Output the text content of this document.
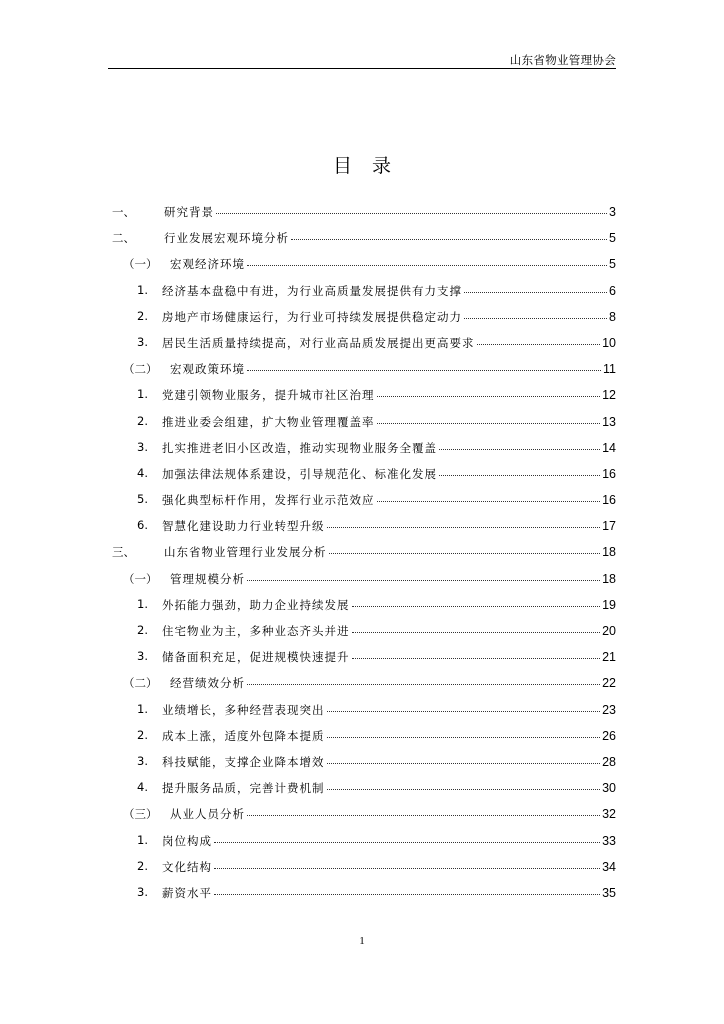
山东省物业管理协会
目录
一、	研究背景	3
二、	行业发展宏观环境分析	5
（一） 宏观经济环境	5
1. 经济基本盘稳中有进，为行业高质量发展提供有力支撑	6
2. 房地产市场健康运行，为行业可持续发展提供稳定动力	8
3. 居民生活质量持续提高，对行业高品质发展提出更高要求	10
（二） 宏观政策环境	11
1. 党建引领物业服务，提升城市社区治理	12
2. 推进业委会组建，扩大物业管理覆盖率	13
3. 扎实推进老旧小区改造，推动实现物业服务全覆盖	14
4. 加强法律法规体系建设，引导规范化、标准化发展	16
5. 强化典型标杆作用，发挥行业示范效应	16
6. 智慧化建设助力行业转型升级	17
三、	山东省物业管理行业发展分析	18
（一） 管理规模分析	18
1. 外拓能力强劲，助力企业持续发展	19
2. 住宅物业为主，多种业态齐头并进	20
3. 储备面积充足，促进规模快速提升	21
（二） 经营绩效分析	22
1. 业绩增长，多种经营表现突出	23
2. 成本上涨，适度外包降本提质	26
3. 科技赋能，支撑企业降本增效	28
4. 提升服务品质，完善计费机制	30
（三） 从业人员分析	32
1. 岗位构成	33
2. 文化结构	34
3. 薪资水平	35
1
